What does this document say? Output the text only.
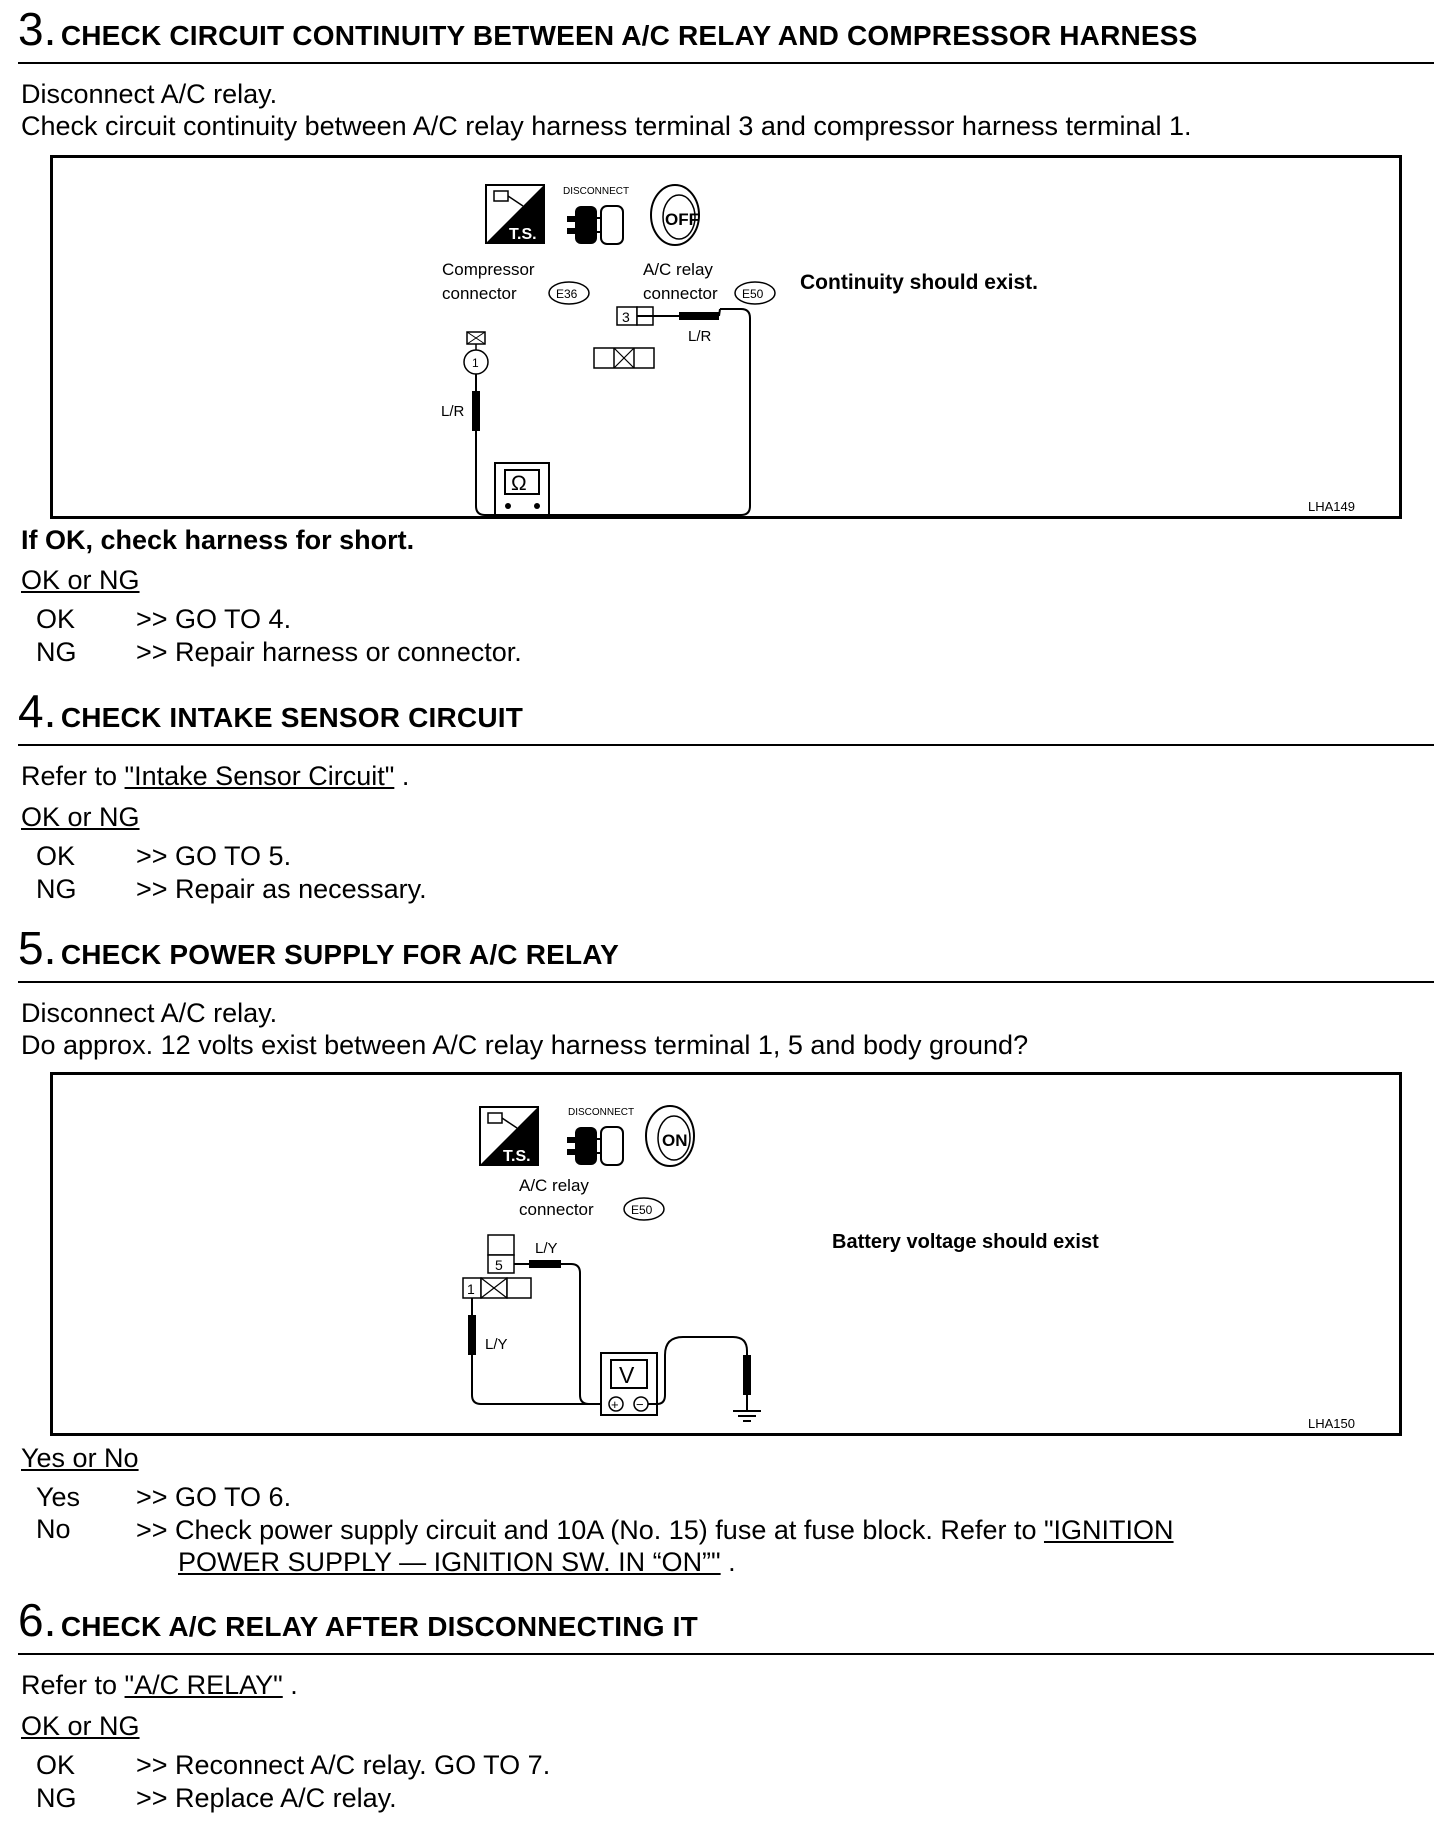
3. CHECK CIRCUIT CONTINUITY BETWEEN A/C RELAY AND COMPRESSOR HARNESS
Disconnect A/C relay.
Check circuit continuity between A/C relay harness terminal 3 and compressor harness terminal 1.
T.S.
DISCONNECT
OFF
Compressor
connector	E36
A/C relay
connector E50
1
L/R
3
L/R
Ω
Continuity should exist.
LHA149
If OK, check harness for short.
OK or NG
OK >> GO TO 4.
NG >> Repair harness or connector.
4. CHECK INTAKE SENSOR CIRCUIT
Refer to "Intake Sensor Circuit" .
OK or NG
OK >> GO TO 5.
NG >> Repair as necessary.
5. CHECK POWER SUPPLY FOR A/C RELAY
Disconnect A/C relay.
Do approx. 12 volts exist between A/C relay harness terminal 1, 5 and body ground?
T.S.
DISCONNECT
ON
A/C relay
connector	E50
5
1
L/Y
L/Y
V
+ −
Battery voltage should exist
LHA150
Yes or No
Yes >> GO TO 6.
No >> Check power supply circuit and 10A (No. 15) fuse at fuse block. Refer to "IGNITION
POWER SUPPLY — IGNITION SW. IN “ON”" .
6. CHECK A/C RELAY AFTER DISCONNECTING IT
Refer to "A/C RELAY" .
OK or NG
OK >> Reconnect A/C relay. GO TO 7.
NG >> Replace A/C relay.
